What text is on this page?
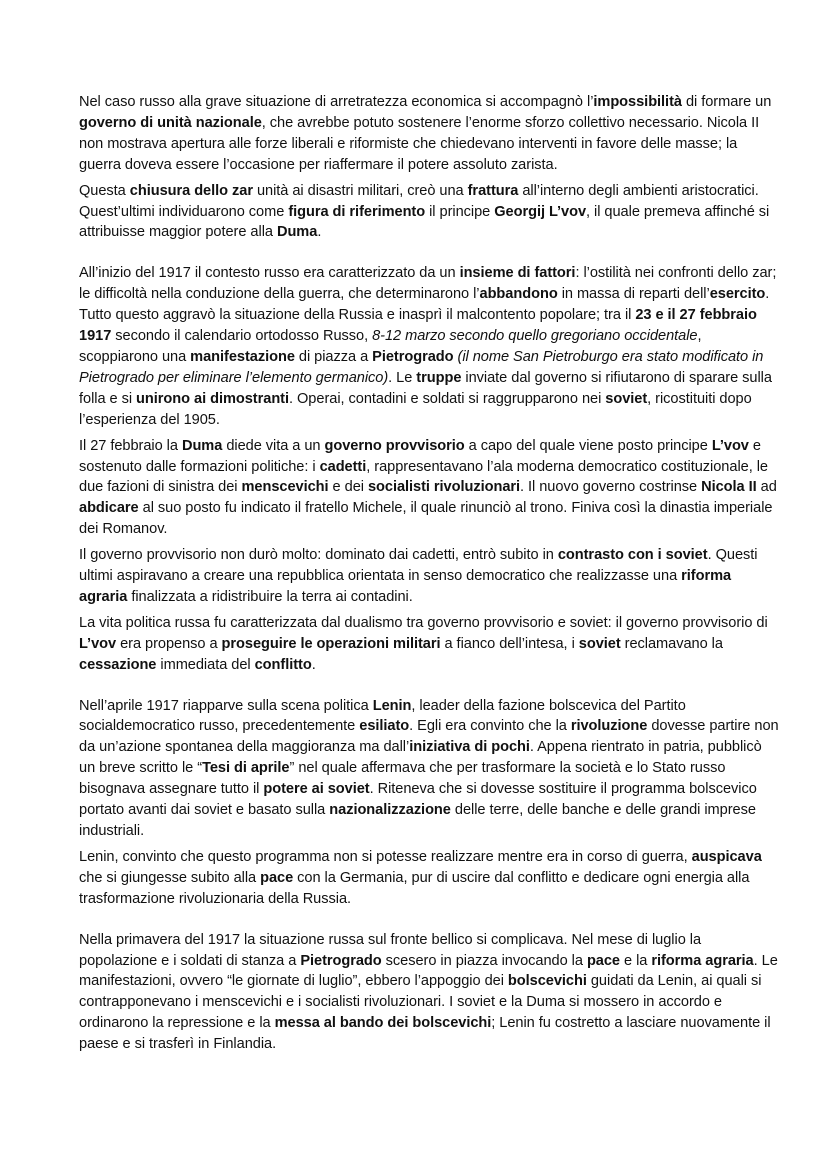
Nel caso russo alla grave situazione di arretratezza economica si accompagnò l’impossibilità di formare un governo di unità nazionale, che avrebbe potuto sostenere l’enorme sforzo collettivo necessario. Nicola II non mostrava apertura alle forze liberali e riformiste che chiedevano interventi in favore delle masse; la guerra doveva essere l’occasione per riaffermare il potere assoluto zarista.

Questa chiusura dello zar unità ai disastri militari, creò una frattura all’interno degli ambienti aristocratici. Quest’ultimi individuarono come figura di riferimento il principe Georgij L’vov, il quale premeva affinché si attribuisse maggior potere alla Duma.

All’inizio del 1917 il contesto russo era caratterizzato da un insieme di fattori: l’ostilità nei confronti dello zar; le difficoltà nella conduzione della guerra, che determinarono l’abbandono in massa di reparti dell’esercito. Tutto questo aggravò la situazione della Russia e inasprì il malcontento popolare; tra il 23 e il 27 febbraio 1917 secondo il calendario ortodosso Russo, 8-12 marzo secondo quello gregoriano occidentale, scoppiarono una manifestazione di piazza a Pietrogrado (il nome San Pietroburgo era stato modificato in Pietrogrado per eliminare l’elemento germanico). Le truppe inviate dal governo si rifiutarono di sparare sulla folla e si unirono ai dimostranti. Operai, contadini e soldati si raggrupparono nei soviet, ricostituiti dopo l’esperienza del 1905.

Il 27 febbraio la Duma diede vita a un governo provvisorio a capo del quale viene posto principe L’vov e sostenuto dalle formazioni politiche: i cadetti, rappresentavano l’ala moderna democratico costituzionale, le due fazioni di sinistra dei menscevichi e dei socialisti rivoluzionari. Il nuovo governo costrinse Nicola II ad abdicare al suo posto fu indicato il fratello Michele, il quale rinunciò al trono. Finiva così la dinastia imperiale dei Romanov.

Il governo provvisorio non durò molto: dominato dai cadetti, entrò subito in contrasto con i soviet. Questi ultimi aspiravano a creare una repubblica orientata in senso democratico che realizzasse una riforma agraria finalizzata a ridistribuire la terra ai contadini.

La vita politica russa fu caratterizzata dal dualismo tra governo provvisorio e soviet: il governo provvisorio di L’vov era propenso a proseguire le operazioni militari a fianco dell’intesa, i soviet reclamavano la cessazione immediata del conflitto.

Nell’aprile 1917 riapparve sulla scena politica Lenin, leader della fazione bolscevica del Partito socialdemocratico russo, precedentemente esiliato. Egli era convinto che la rivoluzione dovesse partire non da un’azione spontanea della maggioranza ma dall’iniziativa di pochi. Appena rientrato in patria, pubblicò un breve scritto le “Tesi di aprile” nel quale affermava che per trasformare la società e lo Stato russo bisognava assegnare tutto il potere ai soviet. Riteneva che si dovesse sostituire il programma bolscevico portato avanti dai soviet e basato sulla nazionalizzazione delle terre, delle banche e delle grandi imprese industriali.

Lenin, convinto che questo programma non si potesse realizzare mentre era in corso di guerra, auspicava che si giungesse subito alla pace con la Germania, pur di uscire dal conflitto e dedicare ogni energia alla trasformazione rivoluzionaria della Russia.

Nella primavera del 1917 la situazione russa sul fronte bellico si complicava. Nel mese di luglio la popolazione e i soldati di stanza a Pietrogrado scesero in piazza invocando la pace e la riforma agraria. Le manifestazioni, ovvero “le giornate di luglio”, ebbero l’appoggio dei bolscevichi guidati da Lenin, ai quali si contrapponevano i menscevichi e i socialisti rivoluzionari. I soviet e la Duma si mossero in accordo e ordinarono la repressione e la messa al bando dei bolscevichi; Lenin fu costretto a lasciare nuovamente il paese e si trasferì in Finlandia.
